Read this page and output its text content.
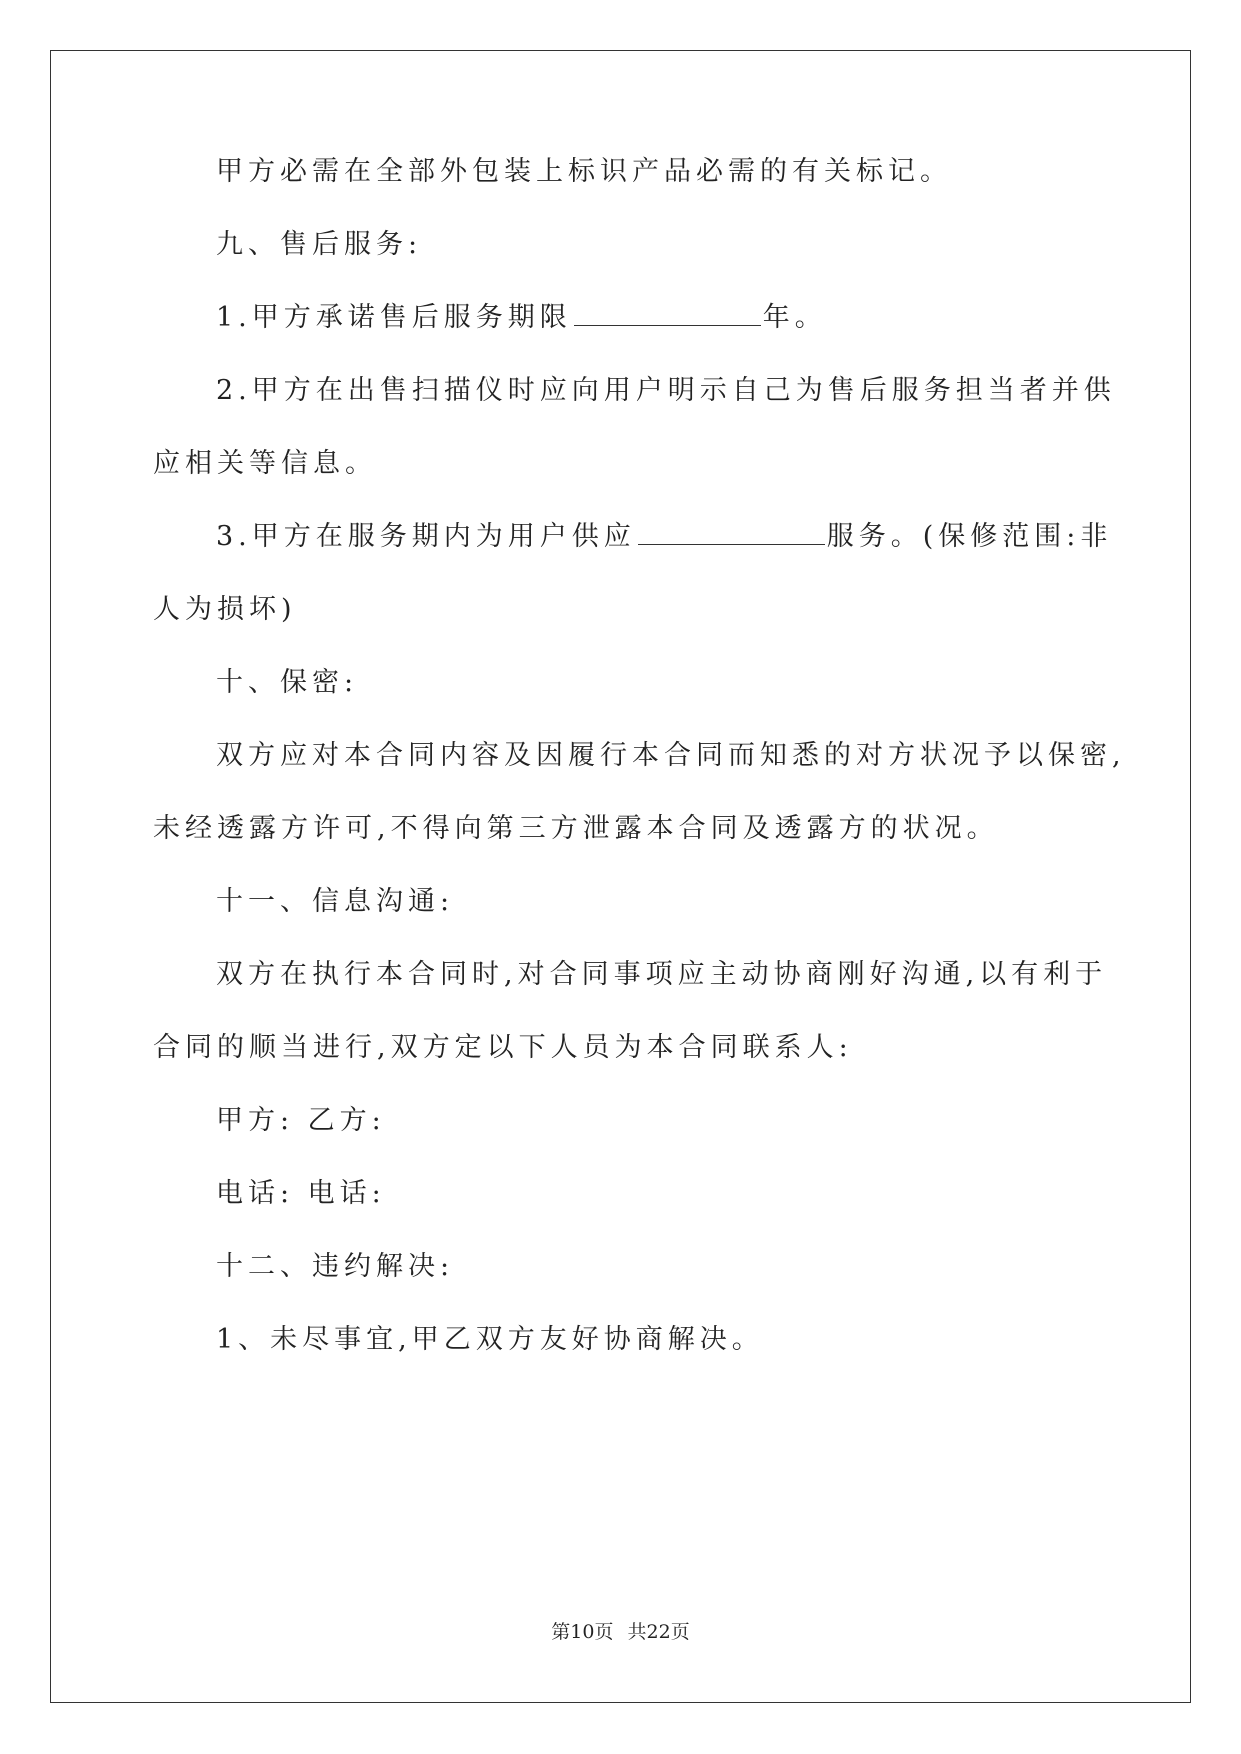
甲方必需在全部外包装上标识产品必需的有关标记。
九、售后服务:
1.甲方承诺售后服务期限	年。
2.甲方在出售扫描仪时应向用户明示自己为售后服务担当者并供
应相关等信息。
3.甲方在服务期内为用户供应	服务。(保修范围:非
人为损坏)
十、保密:
双方应对本合同内容及因履行本合同而知悉的对方状况予以保密,
未经透露方许可,不得向第三方泄露本合同及透露方的状况。
十一、信息沟通:
双方在执行本合同时,对合同事项应主动协商刚好沟通,以有利于
合同的顺当进行,双方定以下人员为本合同联系人:
甲方: 乙方:
电话: 电话:
十二、违约解决:
1、未尽事宜,甲乙双方友好协商解决。
第10页 共22页
